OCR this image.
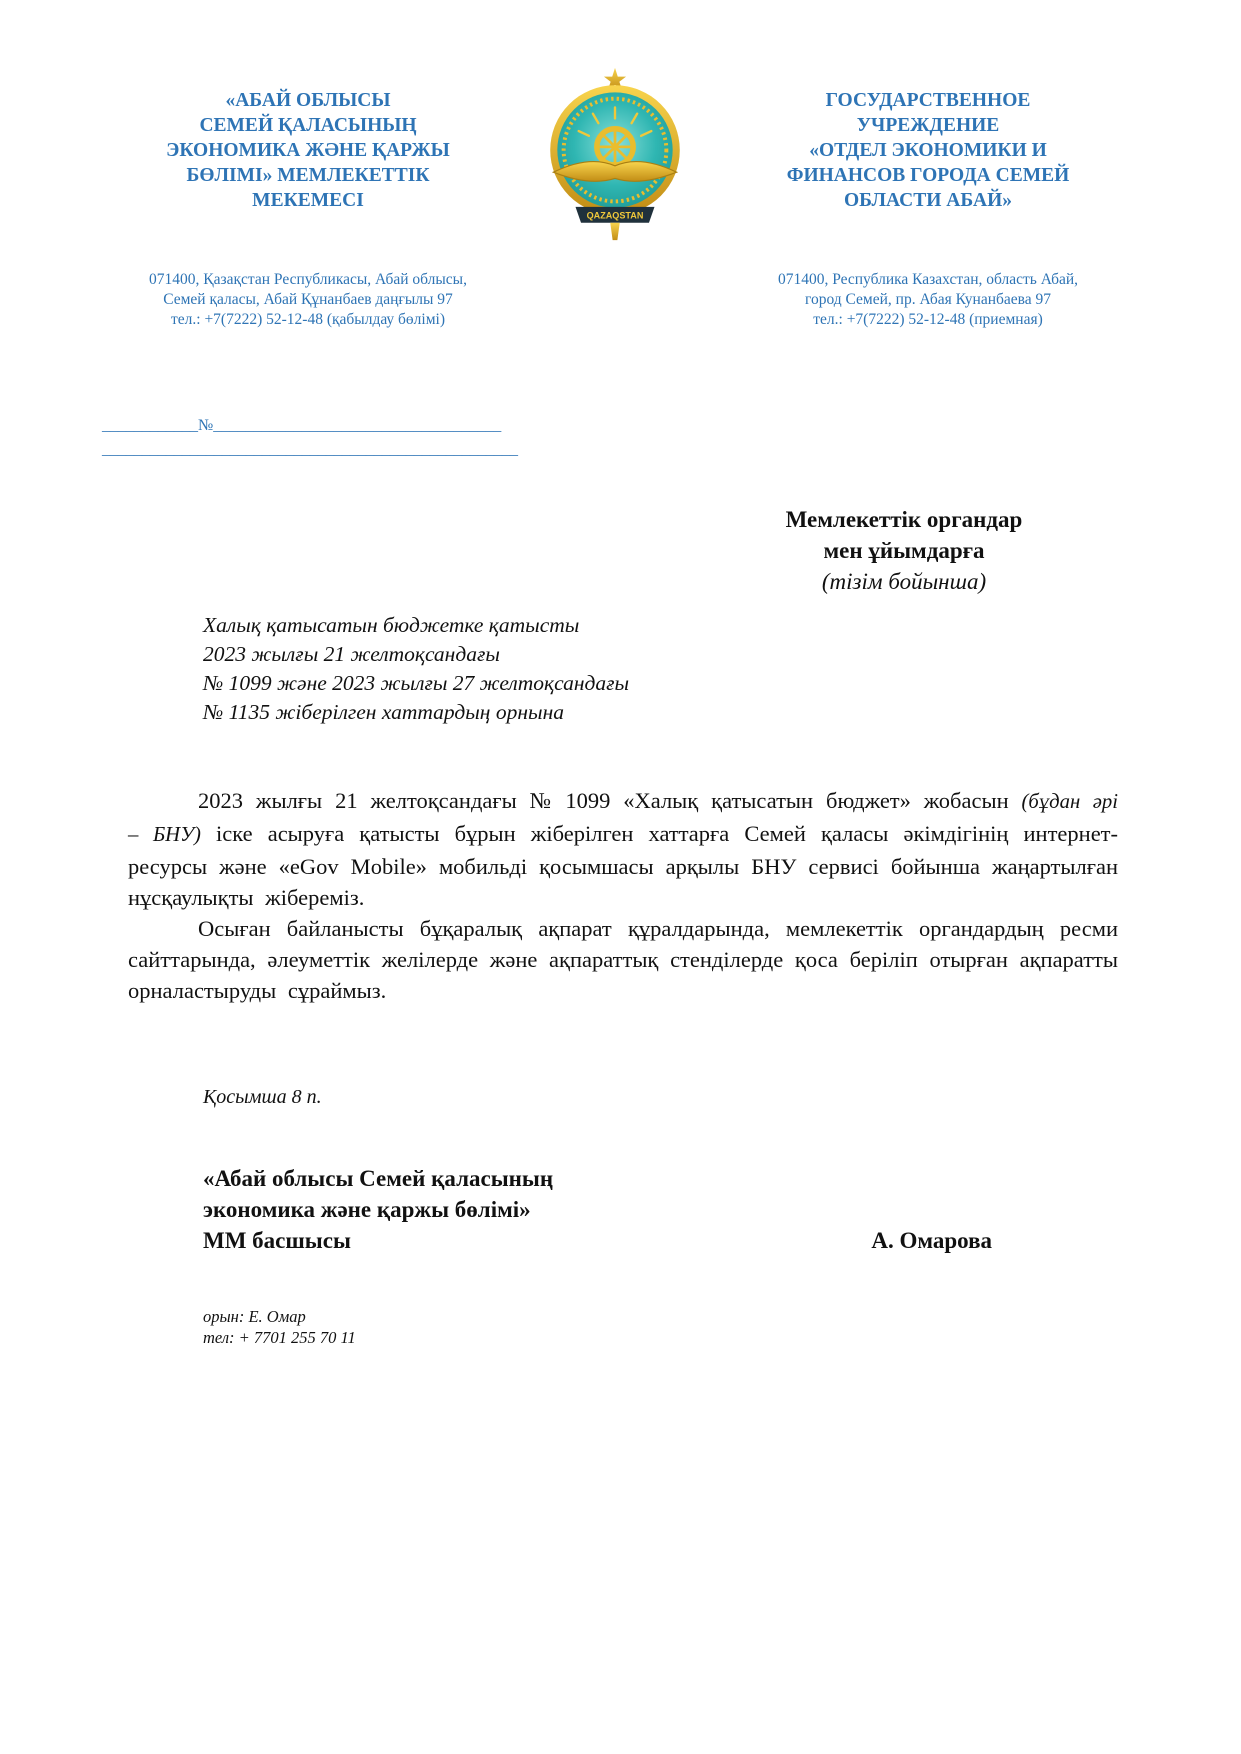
«АБАЙ ОБЛЫСЫ
СЕМЕЙ ҚАЛАСЫНЫҢ
ЭКОНОМИКА ЖӘНЕ ҚАРЖЫ
БӨЛІМІ» МЕМЛЕКЕТТІК
МЕКЕМЕСІ
071400, Қазақстан Республикасы, Абай облысы,
Семей қаласы, Абай Құнанбаев даңғылы 97
тел.: +7(7222) 52-12-48 (қабылдау бөлімі)
QAZAQSTAN
ГОСУДАРСТВЕННОЕ
УЧРЕЖДЕНИЕ
«ОТДЕЛ ЭКОНОМИКИ И
ФИНАНСОВ ГОРОДА СЕМЕЙ
ОБЛАСТИ АБАЙ»
071400, Республика Казахстан, область Абай,
город Семей, пр. Абая Кунанбаева 97
тел.: +7(7222) 52-12-48 (приемная)
____________№____________________________________
____________________________________________________
Мемлекеттік органдар
мен ұйымдарға
(тізім бойынша)
Халық қатысатын бюджетке қатысты
2023 жылғы 21 желтоқсандағы
№ 1099 және 2023 жылғы 27 желтоқсандағы
№ 1135 жіберілген хаттардың орнына

2023 жылғы 21 желтоқсандағы № 1099 «Халық қатысатын бюджет» жобасын (бұдан әрі – БНУ) іске асыруға қатысты бұрын жіберілген хаттарға Семей қаласы әкімдігінің интернет-ресурсы және «eGov Mobile» мобильді қосымшасы арқылы БНУ сервисі бойынша жаңартылған нұсқаулықты жібереміз.

Осыған байланысты бұқаралық ақпарат құралдарында, мемлекеттік органдардың ресми сайттарында, әлеуметтік желілерде және ақпараттық стенділерде қоса беріліп отырған ақпаратты орналастыруды сұраймыз.

Қосымша 8 п.
«Абай облысы Семей қаласының
экономика және қаржы бөлімі»
ММ басшысы	А. Омарова
орын: Е. Омар
тел: + 7701 255 70 11
